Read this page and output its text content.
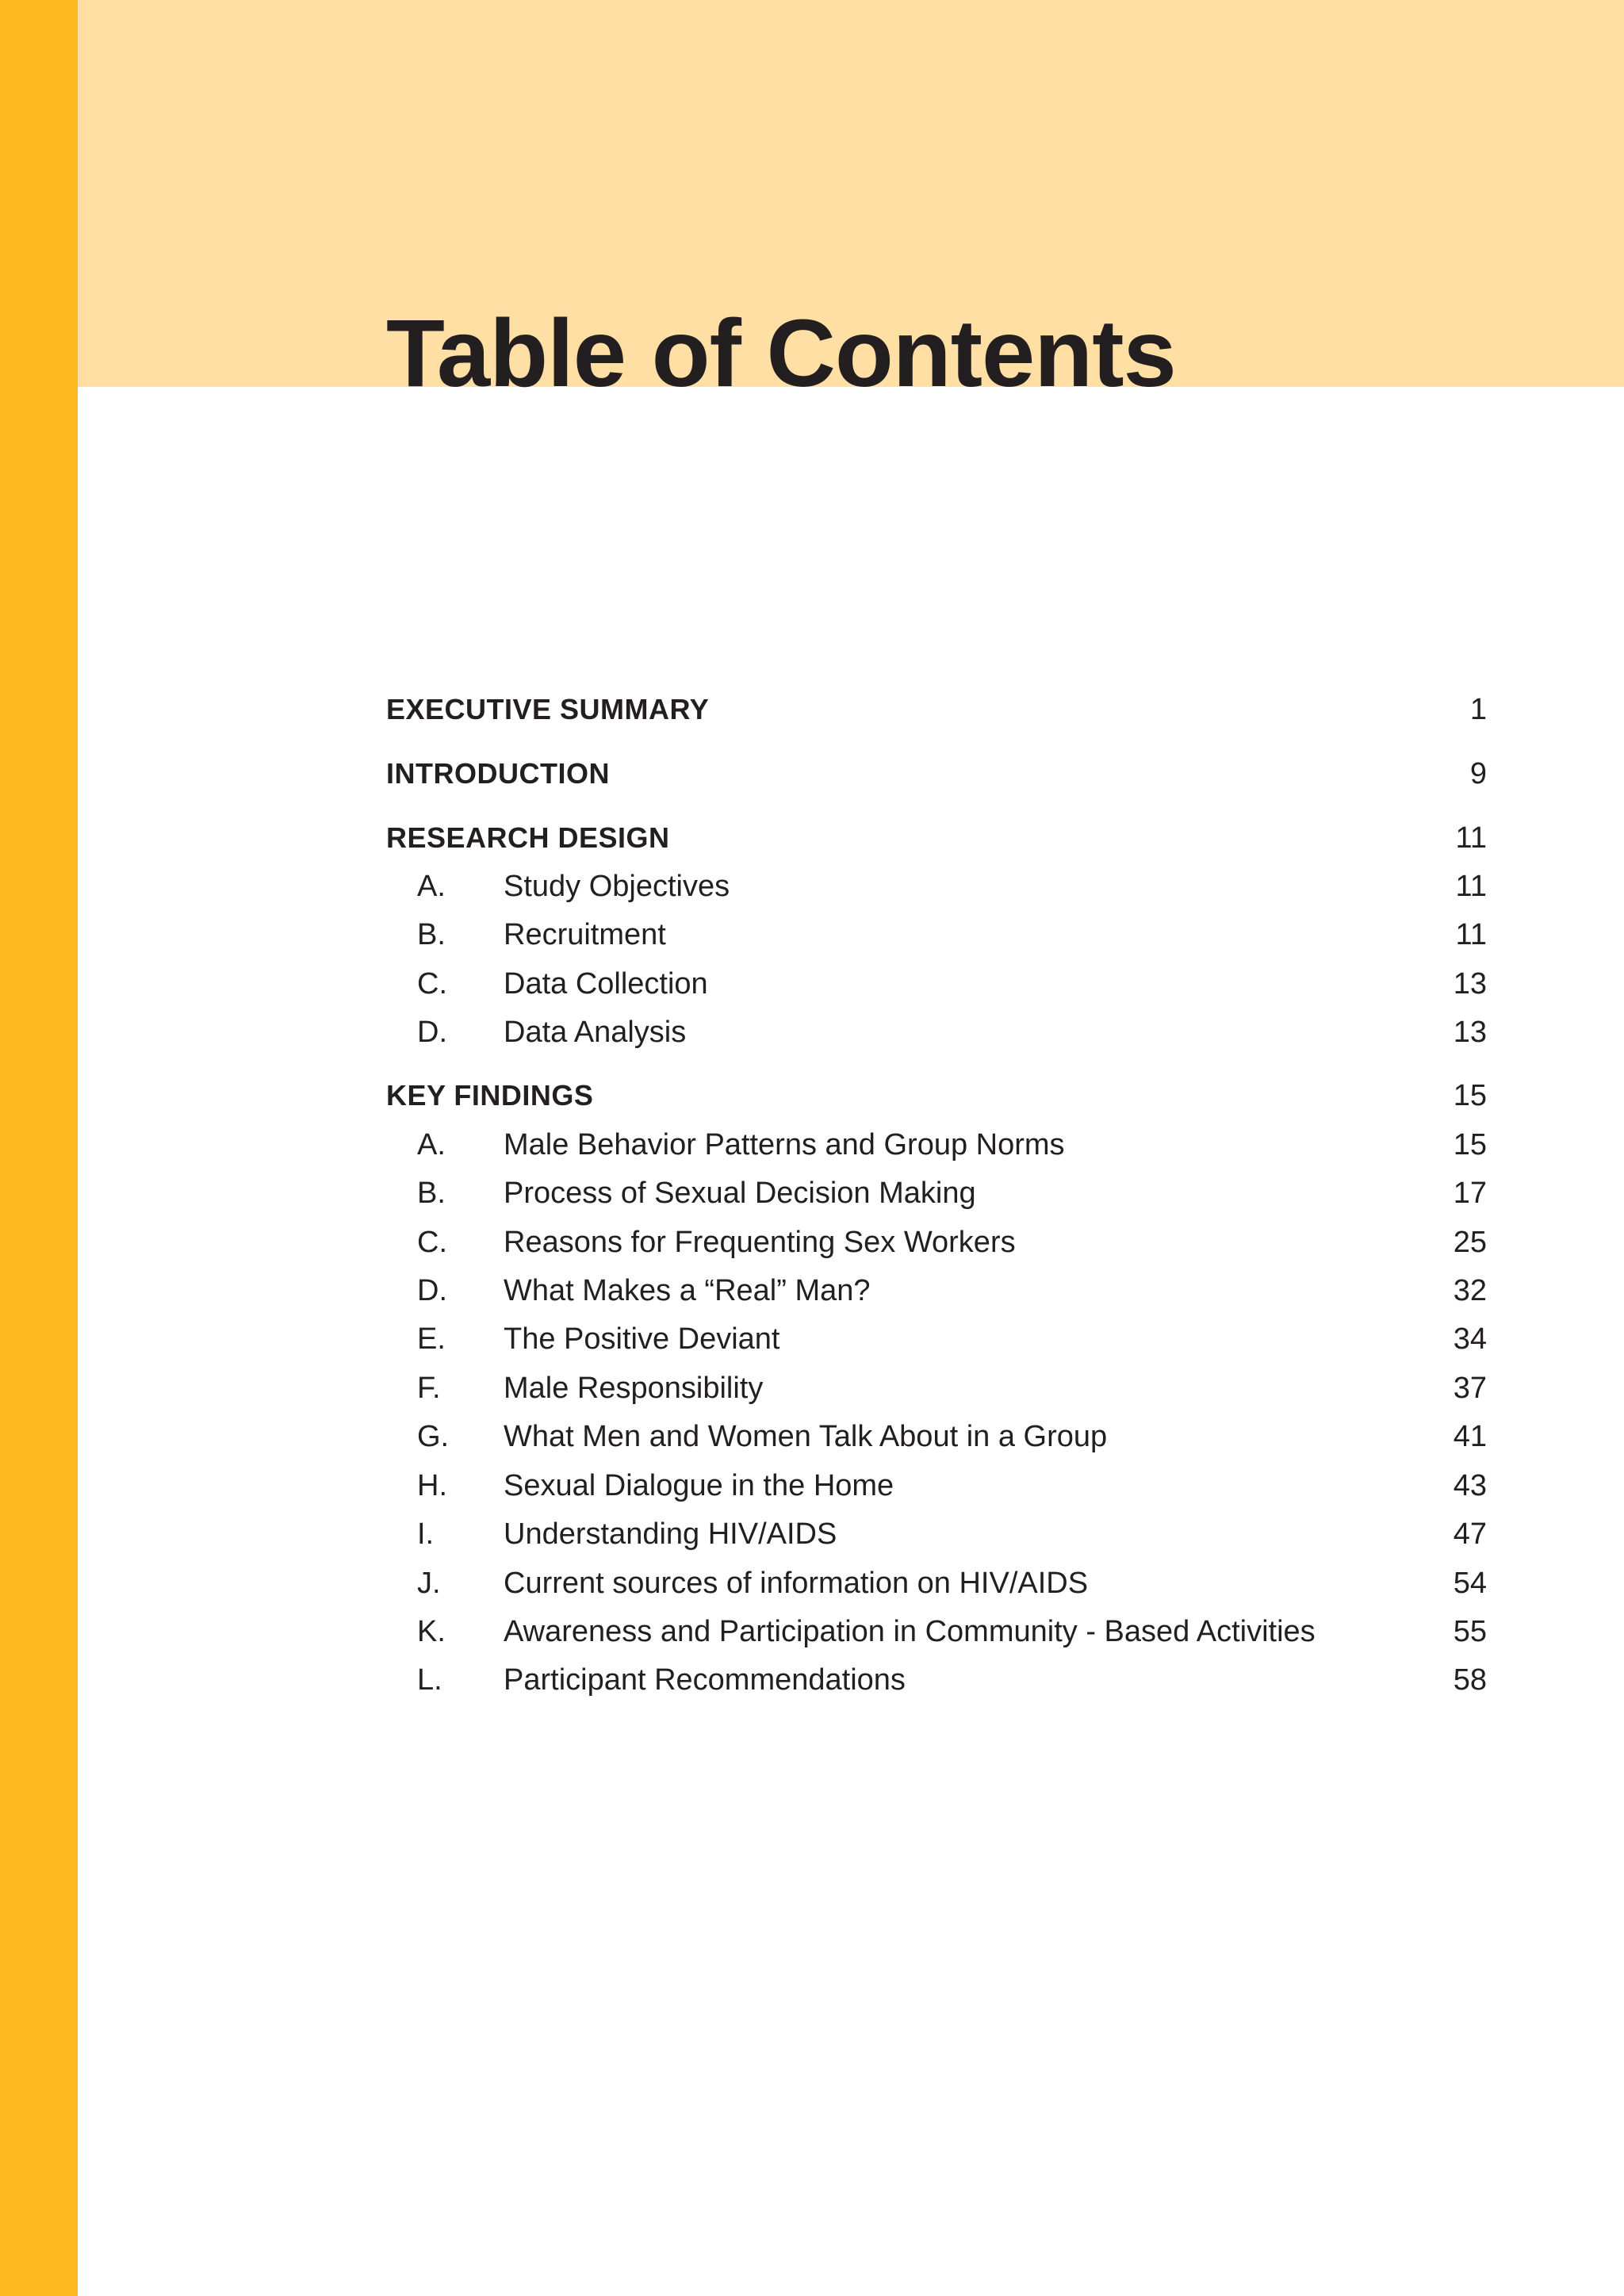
Table of Contents
EXECUTIVE SUMMARY	1
INTRODUCTION	9
RESEARCH DESIGN	11
A. Study Objectives	11
B. Recruitment	11
C. Data Collection	13
D. Data Analysis	13
KEY FINDINGS	15
A. Male Behavior Patterns and Group Norms	15
B. Process of Sexual Decision Making	17
C. Reasons for Frequenting Sex Workers	25
D. What Makes a “Real” Man?	32
E. The Positive Deviant	34
F. Male Responsibility	37
G. What Men and Women Talk About in a Group	41
H. Sexual Dialogue in the Home	43
I. Understanding HIV/AIDS	47
J. Current sources of information on HIV/AIDS	54
K. Awareness and Participation in Community - Based Activities	55
L. Participant Recommendations	58
